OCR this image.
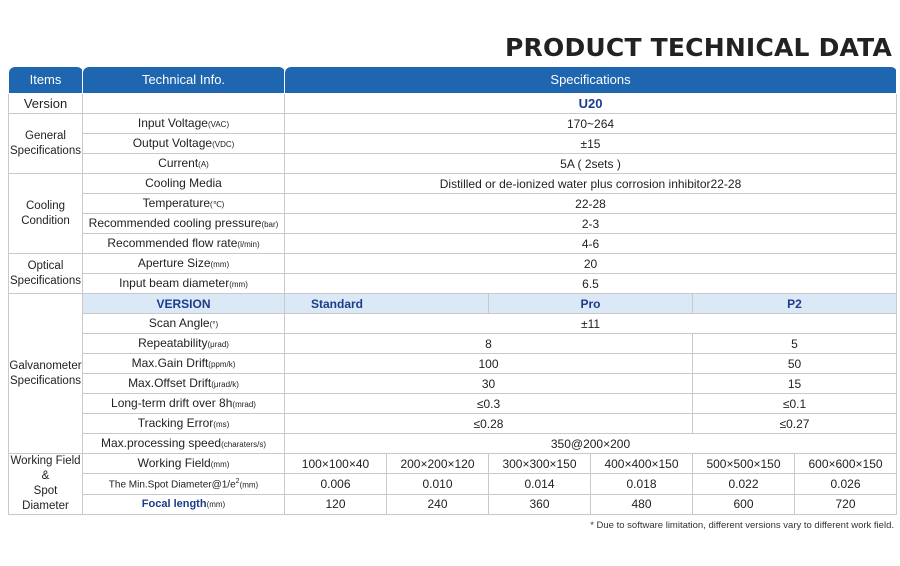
PRODUCT TECHNICAL DATA
Items	Technical Info.	Specifications					
Version		U20					
General Specifications	Input Voltage(VAC)	170~264					
	Output Voltage(VDC)	±15					
	Current(A)	5A ( 2sets )					
Cooling Condition	Cooling Media	Distilled or de-ionized water plus corrosion inhibitor22-28					
	Temperature(℃)	22-28					
	Recommended cooling pressure(bar)	2-3					
	Recommended flow rate(l/min)	4-6					
Optical Specifications	Aperture Size(mm)	20					
	Input beam diameter(mm)	6.5					
Galvanometer Specifications	VERSION	Standard		Pro		P2	
	Scan Angle(°)	±11					
	Repeatability(μrad)	8				5	
	Max.Gain Drift(ppm/k)	100				50	
	Max.Offset Drift(μrad/k)	30				15	
	Long-term drift over 8h(mrad)	≤0.3				≤0.1	
	Tracking Error(ms)	≤0.28				≤0.27	
	Max.processing speed(charaters/s)	350@200×200					

Working Field
&
Spot Diameter	Working Field(mm)	100×100×40	200×200×120	300×300×150	400×400×150	500×500×150	600×600×150
	The Min.Spot $Diameter@1/e^2(mm)$	0.006	0.010	0.014	0.018	0.022	0.026
	Focal length(mm)	120	240	360	480	600	720
* Due to software limitation, different versions vary to different work field.
